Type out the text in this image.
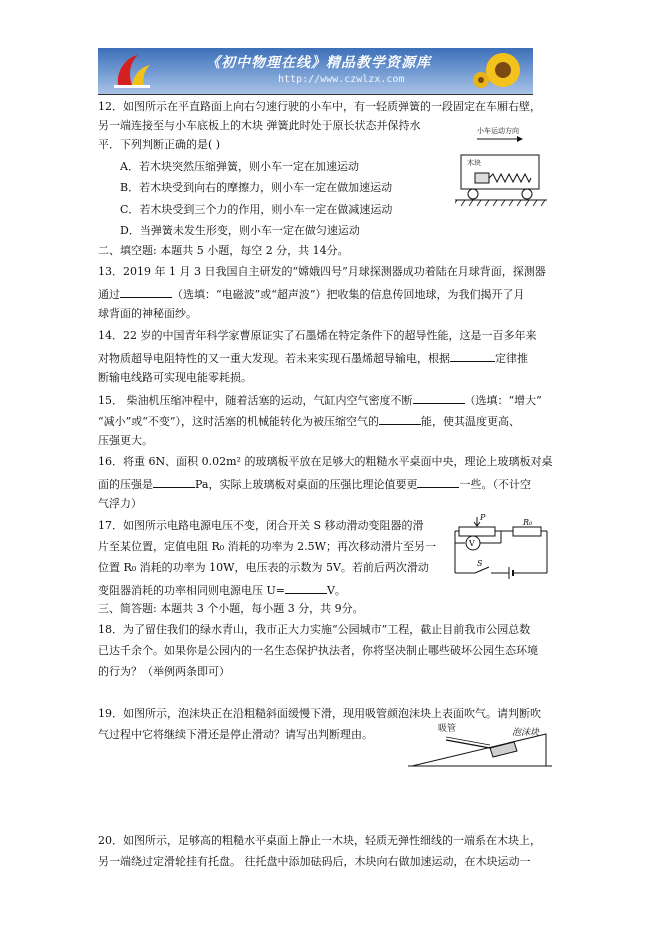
《初中物理在线》精品教学资源库
http://www.czwlzx.com
12．如图所示在平直路面上向右匀速行驶的小车中，有一轻质弹簧的一段固定在车厢右壁，
另一端连接至与小车底板上的木块 弹簧此时处于原长状态并保持水
平．下列判断正确的是( )
A．若木块突然压缩弹簧，则小车一定在加速运动
B．若木块受到向右的摩擦力，则小车一定在做加速运动
C．若木块受到三个力的作用，则小车一定在做减速运动
D．当弹簧未发生形变，则小车一定在做匀速运动
小车运动方向
木块
二、填空题: 本题共 5 小题，每空 2 分，共 14分。
13．2019 年 1 月 3 日我国自主研发的“嫦娥四号”月球探测器成功着陆在月球背面，探测器
通过	（选填：“电磁波”或“超声波”）把收集的信息传回地球，为我们揭开了月
球背面的神秘面纱。
14．22 岁的中国青年科学家曹原证实了石墨烯在特定条件下的超导性能，这是一百多年来
对物质超导电阻特性的又一重大发现。若未来实现石墨烯超导输电，根据	定律推
断输电线路可实现电能零耗损。
15． 柴油机压缩冲程中，随着活塞的运动，气缸内空气密度不断	（选填：“增大”
“减小”或“不变”），这时活塞的机械能转化为被压缩空气的	能，使其温度更高、
压强更大。
16．将重 6N、面积 0.02m² 的玻璃板平放在足够大的粗糙水平桌面中央，理论上玻璃板对桌
面的压强是	Pa，实际上玻璃板对桌面的压强比理论值要更	一些。（不计空
气浮力）
17．如图所示电路电源电压不变，闭合开关 S 移动滑动变阻器的滑
片至某位置，定值电阻 R₀ 消耗的功率为 2.5W；再次移动滑片至另一
位置 R₀ 消耗的功率为 10W，电压表的示数为 5V。若前后两次滑动
变阻器消耗的功率相同则电源电压 U=	V。
P
R₀
V
S
三、简答题: 本题共 3 个小题，每小题 3 分，共 9分。
18．为了留住我们的绿水青山，我市正大力实施“公园城市”工程，截止目前我市公园总数
已达千余个。如果你是公园内的一名生态保护执法者，你将坚决制止哪些破坏公园生态环境
的行为？（举例两条即可）
19．如图所示，泡沫块正在沿粗糙斜面缓慢下滑，现用吸管颜泡沫块上表面吹气。请判断吹
气过程中它将继续下滑还是停止滑动？请写出判断理由。	吸管	泡沫块
20．如图所示，足够高的粗糙水平桌面上静止一木块，轻质无弹性细线的一端系在木块上，
另一端绕过定滑轮挂有托盘。 往托盘中添加砝码后，木块向右做加速运动，在木块运动一
